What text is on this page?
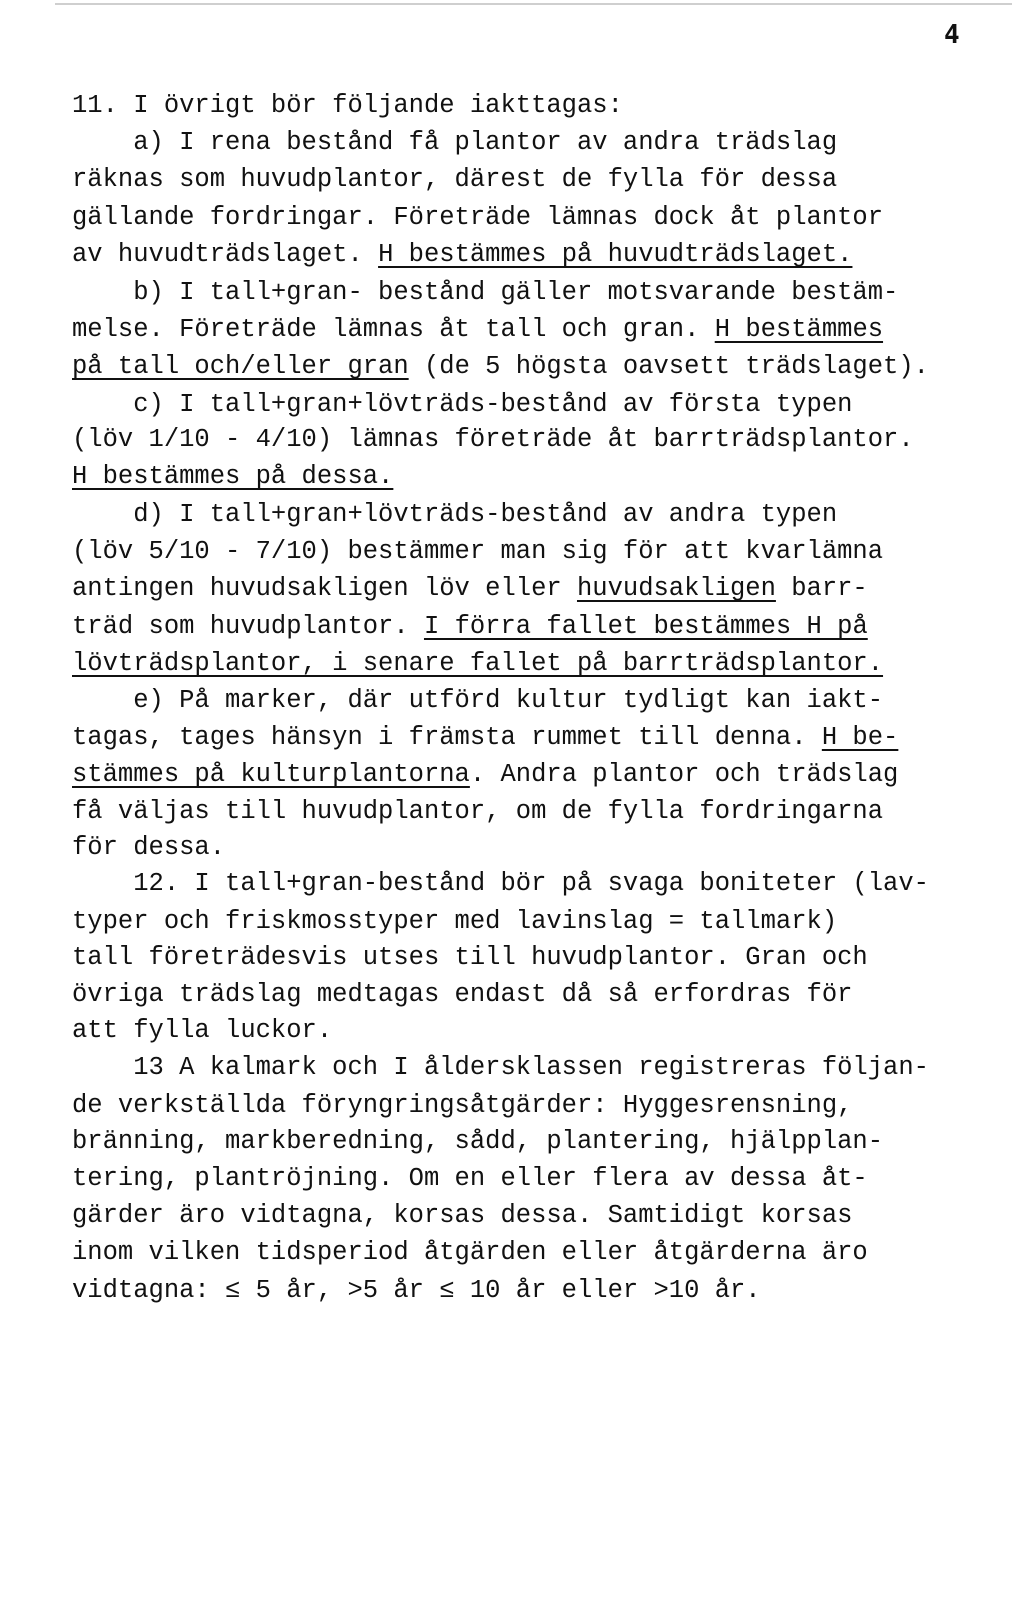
4
11. I övrigt bör följande iakttagas:
a) I rena bestånd få plantor av andra trädslag
räknas som huvudplantor, därest de fylla för dessa
gällande fordringar. Företräde lämnas dock åt plantor
av huvudträdslaget. H bestämmes på huvudträdslaget.
b) I tall+gran- bestånd gäller motsvarande bestäm-
melse. Företräde lämnas åt tall och gran. H bestämmes
på tall och/eller gran (de 5 högsta oavsett trädslaget).
c) I tall+gran+lövträds-bestånd av första typen
(löv 1/10 - 4/10) lämnas företräde åt barrträdsplantor.
H bestämmes på dessa.
d) I tall+gran+lövträds-bestånd av andra typen
(löv 5/10 - 7/10) bestämmer man sig för att kvarlämna
antingen huvudsakligen löv eller huvudsakligen barr-
träd som huvudplantor. I förra fallet bestämmes H på
lövträdsplantor, i senare fallet på barrträdsplantor.
e) På marker, där utförd kultur tydligt kan iakt-
tagas, tages hänsyn i främsta rummet till denna. H be-
stämmes på kulturplantorna. Andra plantor och trädslag
få väljas till huvudplantor, om de fylla fordringarna
för dessa.
12. I tall+gran-bestånd bör på svaga boniteter (lav-
typer och friskmosstyper med lavinslag = tallmark)
tall företrädesvis utses till huvudplantor. Gran och
övriga trädslag medtagas endast då så erfordras för
att fylla luckor.
13 A kalmark och I åldersklassen registreras följan-
de verkställda föryngringsåtgärder: Hyggesrensning,
bränning, markberedning, sådd, plantering, hjälpplan-
tering, plantröjning. Om en eller flera av dessa åt-
gärder äro vidtagna, korsas dessa. Samtidigt korsas
inom vilken tidsperiod åtgärden eller åtgärderna äro
vidtagna: ≤ 5 år, >5 år ≤ 10 år eller >10 år.
